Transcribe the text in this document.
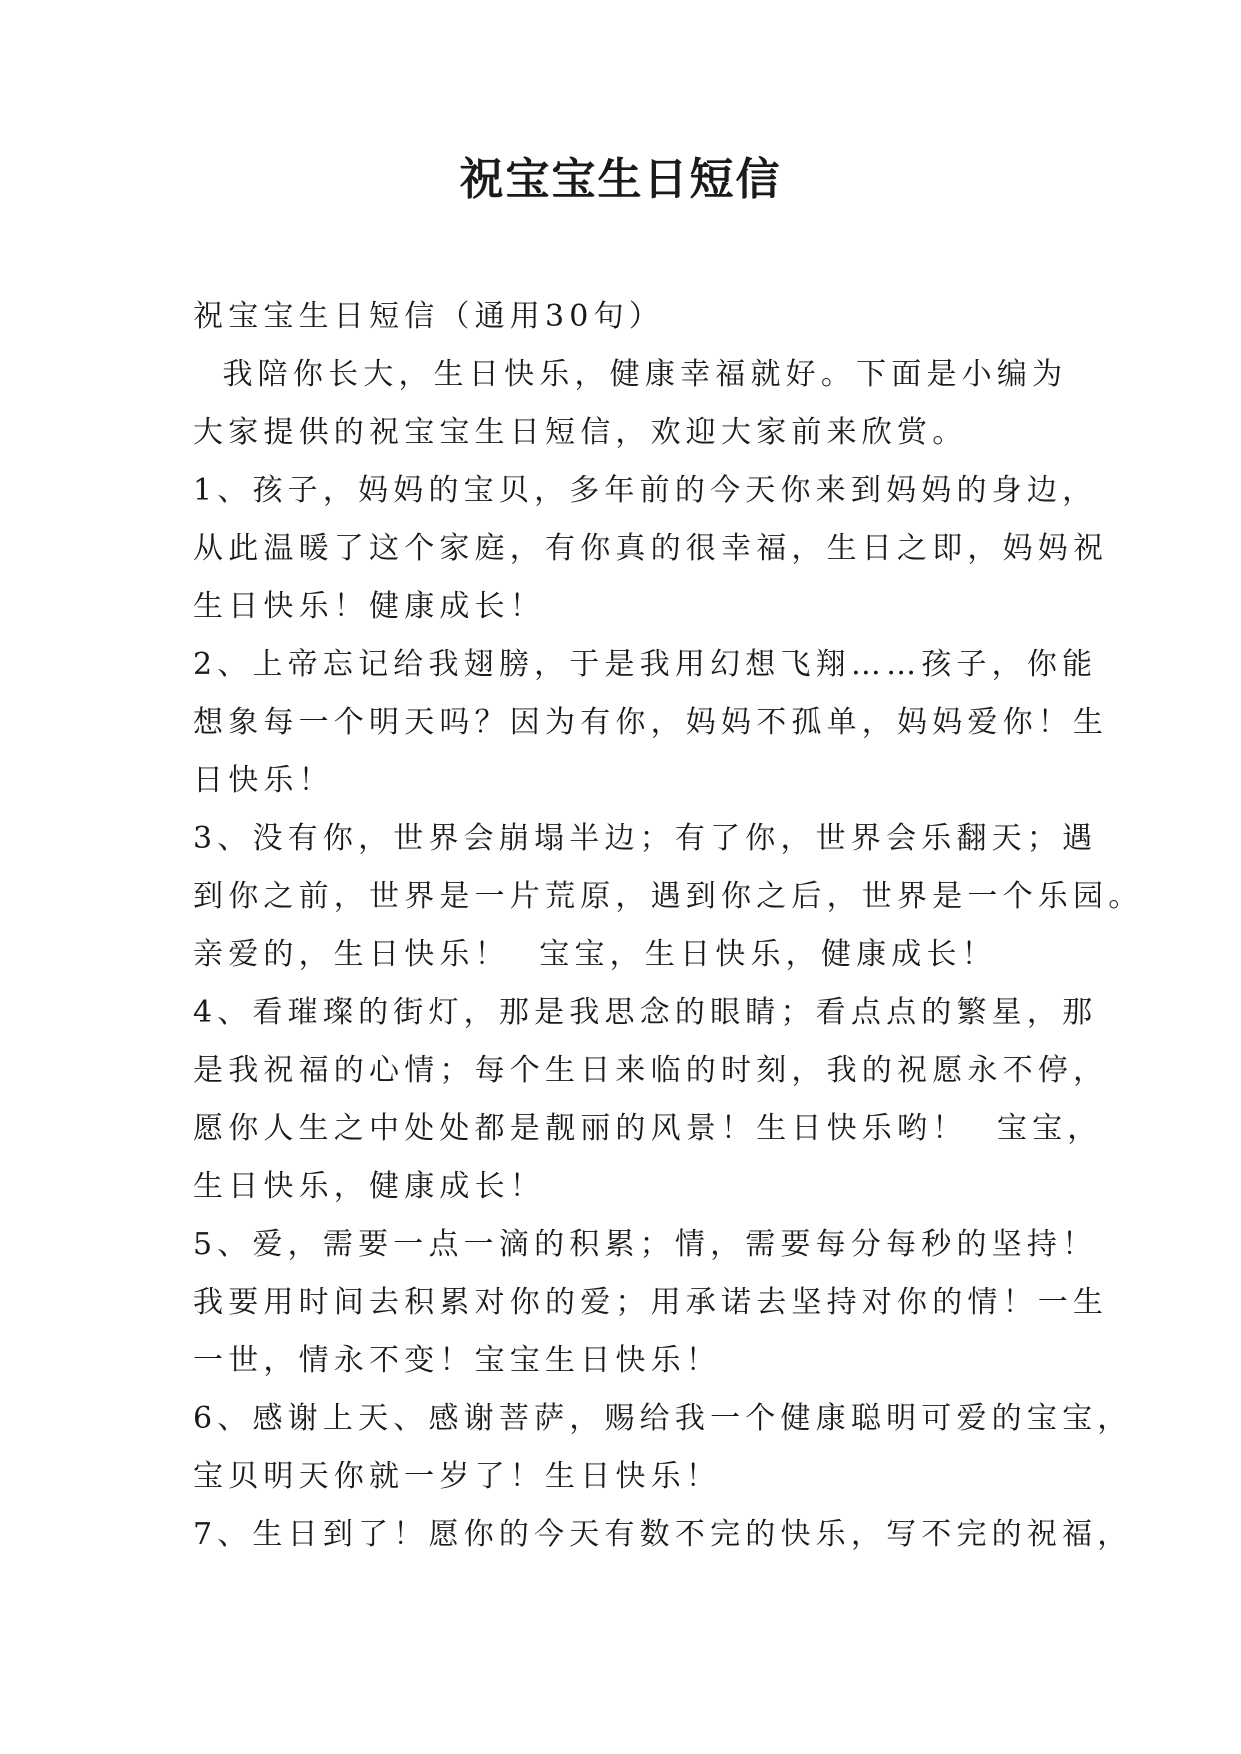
祝宝宝生日短信

祝宝宝生日短信（通用30句）

我陪你长大，生日快乐，健康幸福就好。下面是小编为

大家提供的祝宝宝生日短信，欢迎大家前来欣赏。

1、孩子，妈妈的宝贝，多年前的今天你来到妈妈的身边，

从此温暖了这个家庭，有你真的很幸福，生日之即，妈妈祝

生日快乐！健康成长！

2、上帝忘记给我翅膀，于是我用幻想飞翔……孩子，你能

想象每一个明天吗？因为有你，妈妈不孤单，妈妈爱你！生

日快乐！

3、没有你，世界会崩塌半边；有了你，世界会乐翻天；遇

到你之前，世界是一片荒原，遇到你之后，世界是一个乐园。

亲爱的，生日快乐！  宝宝，生日快乐，健康成长！

4、看璀璨的街灯，那是我思念的眼睛；看点点的繁星，那

是我祝福的心情；每个生日来临的时刻，我的祝愿永不停，

愿你人生之中处处都是靓丽的风景！生日快乐哟！  宝宝，

生日快乐，健康成长！

5、爱，需要一点一滴的积累；情，需要每分每秒的坚持！

我要用时间去积累对你的爱；用承诺去坚持对你的情！一生

一世，情永不变！宝宝生日快乐！

6、感谢上天、感谢菩萨，赐给我一个健康聪明可爱的宝宝，

宝贝明天你就一岁了！生日快乐！

7、生日到了！愿你的今天有数不完的快乐，写不完的祝福，
